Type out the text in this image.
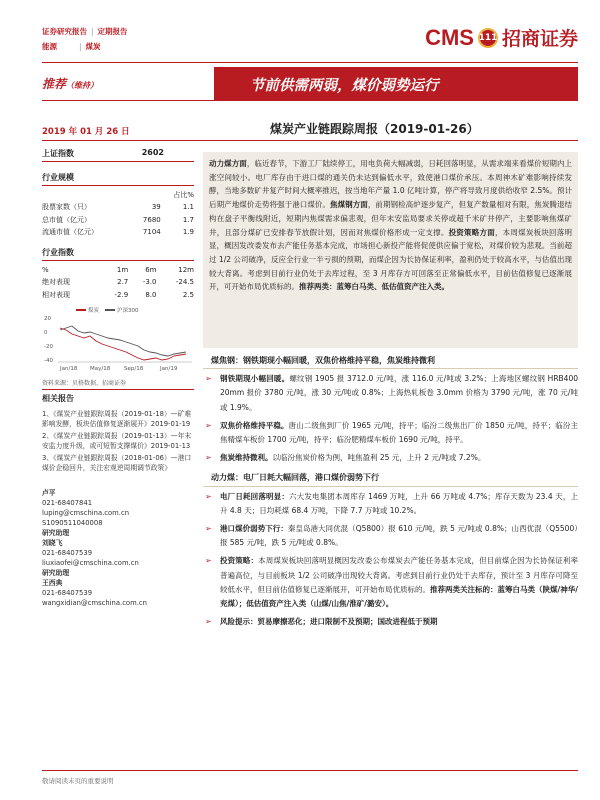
证券研究报告 | 定期报告
能源	| 煤炭	CMS 111 招商证券
推荐（维持）	节前供需两弱，煤价弱势运行
2019 年 01 月 26 日	煤炭产业链跟踪周报（2019-01-26）
上证指数	2602
行业规模
		占比%
股票家数（只）	39	1.1
总市值（亿元）	7680	1.7
流通市值（亿元）	7104	1.9
行业指数
%	1m	6m	12m
绝对表现	2.7	-3.0	-24.5
相对表现	-2.9	8.0	2.5
煤炭	沪深300
20
0
-20
-40
Jan/18 May/18	Sep/18	Jan/19
资料来源：贝格数据、招商证券
相关报告

1、《煤炭产业链跟踪周报（2019-01-18）—矿难影响发酵，板块估值修复逐渐展开》2019-01-19

2、《煤炭产业链跟踪周报（2019-01-13）—年末安监力度升级，或可短暂支撑煤价》2019-01-13

3、《煤炭产业链跟踪周报（2018-01-06）—港口煤价企稳回升，关注宏观逆周期调节政策》

卢平
021-68407841
luping@cmschina.com.cn
S1090511040008
研究助理
刘晓飞
021-68407539
liuxiaofei@cmschina.com.cn
研究助理
王西典
021-68407539
wangxidian@cmschina.com.cn
动力煤方面，临近春节，下游工厂陆续停工，用电负荷大幅减弱，日耗回落明显，从需求端来看煤价短期内上涨空间较小。电厂库存由于进口煤的通关仍未达到偏低水平，致使港口煤价承压。本周神木矿难影响持续发酵，当地多数矿井复产时间大概率推迟，按当地年产量 1.0 亿吨计算，停产将导致月度供给收窄 2.5%。预计后期产地煤价走势将强于港口煤价。焦煤钢方面，前期钢检高炉逐步复产，但复产数量相对有限，焦炭腾退结构在盘子平衡线附近，短期内焦煤需求偏悲观，但年末安监局要求关停或超千米矿井停产，主要影响焦煤矿井，且部分煤矿已安排春节放假计划，因而对焦煤价格形成一定支撑。投资策略方面，本周煤炭板块回落明显，概因发改委发布去产能任务基本完成，市场担心新投产能将促使供应偏于宽松，对煤价较为悲观。当前超过 1/2 公司破净，反应全行业一半亏损的预期，而煤企因为长协保证利率，盈利仍处于较高水平，与估值出现较大背离。考虑到目前行业仍处于去库过程，至 3 月库存方可回落至正常偏低水平，目前估值修复已逐渐展开，可开始布局优质标的。推荐两类：蓝筹白马类、低估值资产注入类。
煤焦钢：钢铁期现小幅回暖，双焦价格维持平稳，焦炭维持微利
➢ 钢铁期现小幅回暖。螺纹钢 1905 报 3712.0 元/吨，涨 116.0 元/吨或 3.2%；上海地区螺纹钢 HRB400 20mm 报价 3780 元/吨，涨 30 元/吨或 0.8%；上海热轧板卷 3.0mm 价格为 3790 元/吨，涨 70 元/吨或 1.9%。
➢ 双焦价格维持平稳。唐山二级焦到厂价 1965 元/吨，持平；临汾二级焦出厂价 1850 元/吨，持平；临汾主焦精煤车板价 1700 元/吨，持平；临汾肥精煤车板价 1690 元/吨，持平。
➢ 焦炭维持微利。以临汾焦炭价格为例，吨焦盈利 25 元，上升 2 元/吨或 7.2%。
动力煤：电厂日耗大幅回落，港口煤价弱势下行
➢ 电厂日耗回落明显：六大发电集团本周库存 1469 万吨，上升 66 万吨或 4.7%；库存天数为 23.4 天，上升 4.8 天；日均耗煤 68.4 万吨，下降 7.7 万吨或 10.2%。
➢ 港口煤价弱势下行：秦皇岛港大同优混（Q5800）报 610 元/吨，跌 5 元/吨或 0.8%；山西优混（Q5500）报 585 元/吨，跌 5 元/吨或 0.8%。
➢ 投资策略：本周煤炭板块回落明显概因发改委公布煤炭去产能任务基本完成，但目前煤企因为长协保证利率普遍高位，与目前板块 1/2 公司破净出现较大背离。考虑到目前行业仍处于去库存，预计至 3 月库存可降至较低水平，但目前估值修复已逐渐展开，可开始布局优质标的。推荐两类关注标的：蓝筹白马类（陕煤/神华/兖煤）；低估值资产注入类（山煤/山焦/淮矿/潞安）。
➢ 风险提示：贸易摩擦恶化；进口限制不及预期；国改进程低于预期
敬请阅读末页的重要说明
